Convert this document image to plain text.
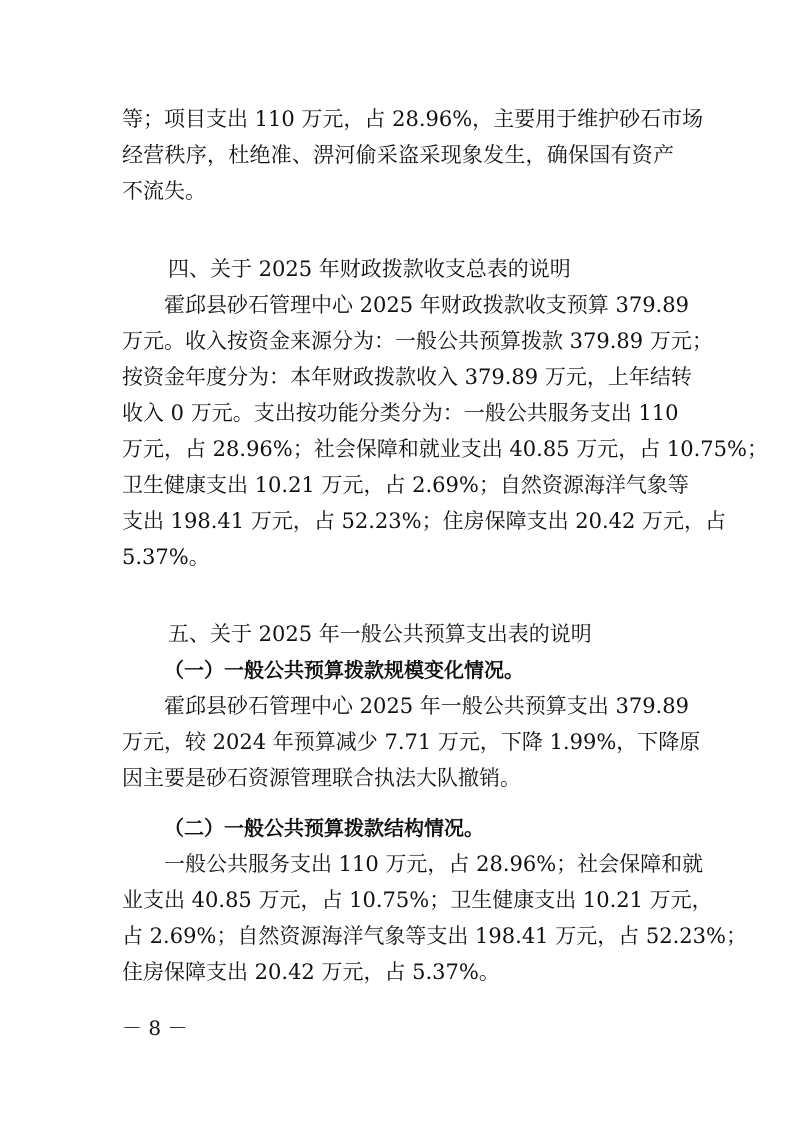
等；项目支出 110 万元，占 28.96%，主要用于维护砂石市场
经营秩序，杜绝准、淠河偷采盗采现象发生，确保国有资产
不流失。
四、关于 2025 年财政拨款收支总表的说明
霍邱县砂石管理中心 2025 年财政拨款收支预算 379.89
万元。收入按资金来源分为：一般公共预算拨款 379.89 万元；
按资金年度分为：本年财政拨款收入 379.89 万元，上年结转
收入 0 万元。支出按功能分类分为：一般公共服务支出 110
万元，占 28.96%；社会保障和就业支出 40.85 万元，占 10.75%；
卫生健康支出 10.21 万元，占 2.69%；自然资源海洋气象等
支出 198.41 万元，占 52.23%；住房保障支出 20.42 万元，占
5.37%。
五、关于 2025 年一般公共预算支出表的说明
（一）一般公共预算拨款规模变化情况。
霍邱县砂石管理中心 2025 年一般公共预算支出 379.89
万元，较 2024 年预算减少 7.71 万元，下降 1.99%，下降原
因主要是砂石资源管理联合执法大队撤销。
（二）一般公共预算拨款结构情况。
一般公共服务支出 110 万元，占 28.96%；社会保障和就
业支出 40.85 万元，占 10.75%；卫生健康支出 10.21 万元，
占 2.69%；自然资源海洋气象等支出 198.41 万元，占 52.23%；
住房保障支出 20.42 万元，占 5.37%。
－ 8 －
